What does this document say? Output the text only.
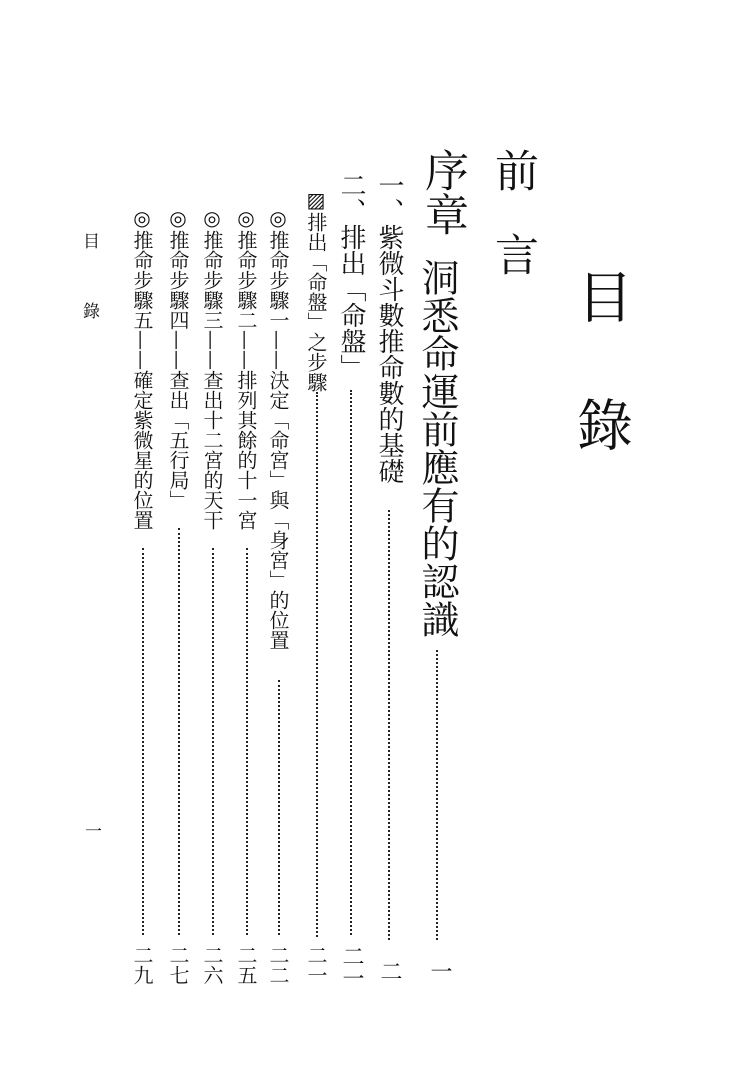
目錄
前言
一
序章
洞悉命運前應有的認識
一、紫微斗數推命數的基礎
二
二、排出「命盤」
二一
▨排出「命盤」之步驟
二一
◎推命步驟一——決定「命宮」與「身宮」的位置
二二
◎推命步驟二——排列其餘的十一宮
二五
◎推命步驟三——查出十二宮的天干
二六
◎推命步驟四——查出「五行局」
二七
◎推命步驟五——確定紫微星的位置
二九
目　錄
一
